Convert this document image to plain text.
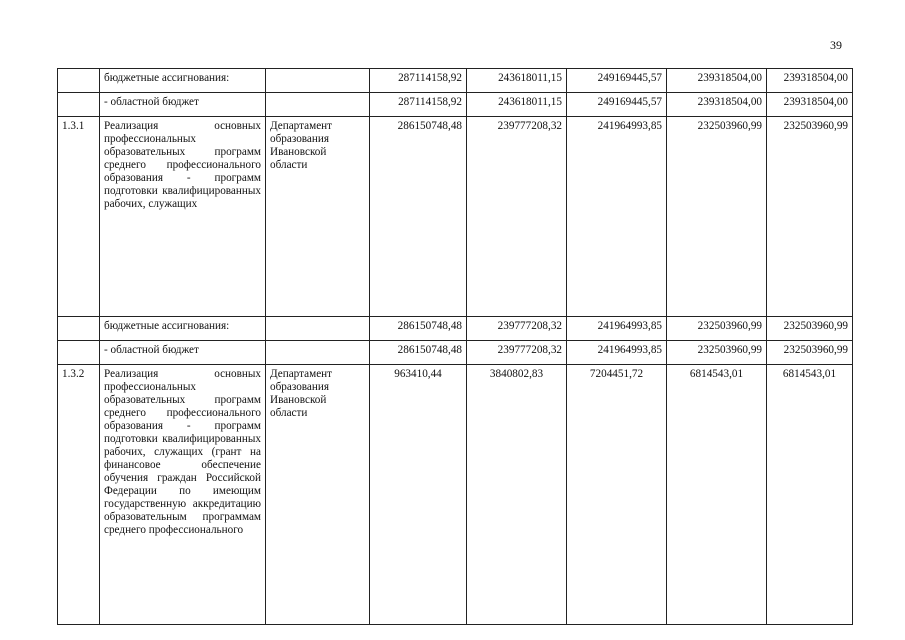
39
	бюджетные ассигнования:		287114158,92	243618011,15	249169445,57	239318504,00	239318504,00
	- областной бюджет		287114158,92	243618011,15	249169445,57	239318504,00	239318504,00
1.3.1	Реализация основных профессиональных образовательных программ среднего профессионального образования - программ подготовки квалифицированных рабочих, служащих	Департамент образования Ивановской области	286150748,48	239777208,32	241964993,85	232503960,99	232503960,99
	бюджетные ассигнования:		286150748,48	239777208,32	241964993,85	232503960,99	232503960,99
	- областной бюджет		286150748,48	239777208,32	241964993,85	232503960,99	232503960,99
1.3.2	Реализация основных профессиональных образовательных программ среднего профессионального образования - программ подготовки квалифицированных рабочих, служащих (грант на финансовое обеспечение обучения граждан Российской Федерации по имеющим государственную аккредитацию образовательным программам среднего профессионального	Департамент образования Ивановской области	963410,44	3840802,83	7204451,72	6814543,01	6814543,01
